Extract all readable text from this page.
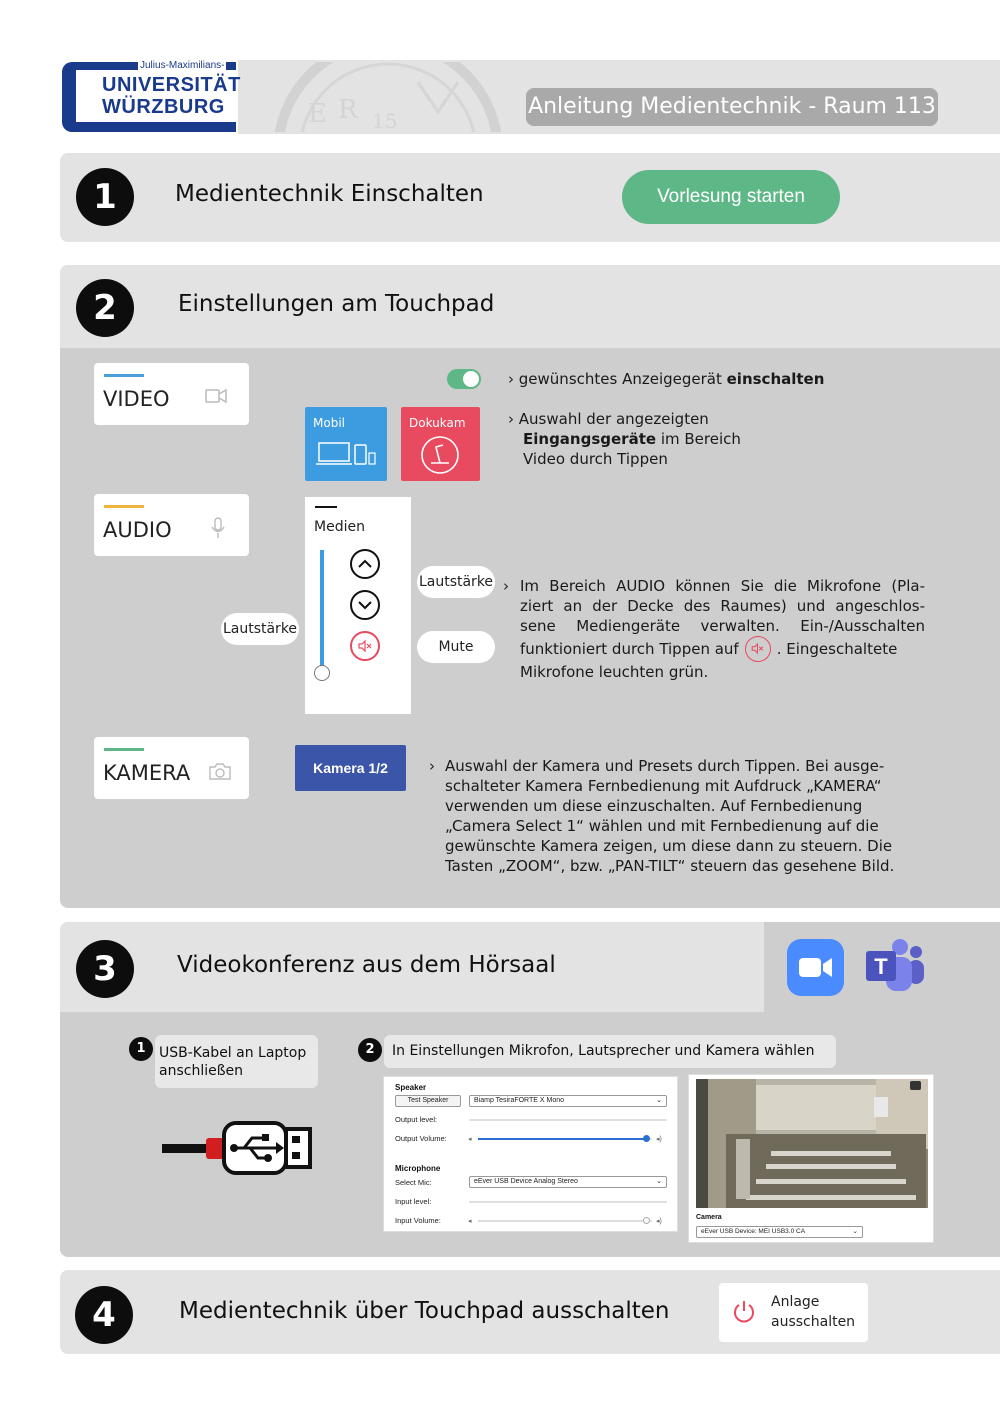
E R 15
Julius-Maximilians-
UNIVERSITÄT
WÜRZBURG	Anleitung Medientechnik - Raum 113
1	Medientechnik Einschalten	Vorlesung starten
2	Einstellungen am Touchpad
VIDEO
› gewünschtes Anzeigegerät einschalten
Mobil	Dokukam	› Auswahl der angezeigten
Eingangsgeräte im Bereich
Video durch Tippen
AUDIO	Medien
Lautstärke
Lautstärke
Mute
› Im Bereich AUDIO können Sie die Mikrofone (Pla-
ziert an der Decke des Raumes) und angeschlos-
sene Mediengeräte verwalten. Ein-/Ausschalten
funktioniert durch Tippen auf	. Eingeschaltete
Mikrofone leuchten grün.
KAMERA	Kamera 1/2	› Auswahl der Kamera und Presets durch Tippen. Bei ausge-
schalteter Kamera Fernbedienung mit Aufdruck „KAMERA“
verwenden um diese einzuschalten. Auf Fernbedienung
„Camera Select 1“ wählen und mit Fernbedienung auf die
gewünschte Kamera zeigen, um diese dann zu steuern. Die
Tasten „ZOOM“, bzw. „PAN-TILT“ steuern das gesehene Bild.
3	Videokonferenz aus dem Hörsaal	T
USB-Kabel an Laptop
anschließen
1	In Einstellungen Mikrofon, Lautsprecher und Kamera wählen
2
Speaker
Test Speaker	Biamp TesiraFORTE X Mono	⌄
Output level:
Output Volume:	◂	◂)
Microphone
Select Mic:	eEver USB Device Analog Stereo	⌄
Input level:
Input Volume:	◂	◂)
Camera
eEver USB Device: MEI USB3.0 CA	⌄
4	Medientechnik über Touchpad ausschalten	Anlage
ausschalten
